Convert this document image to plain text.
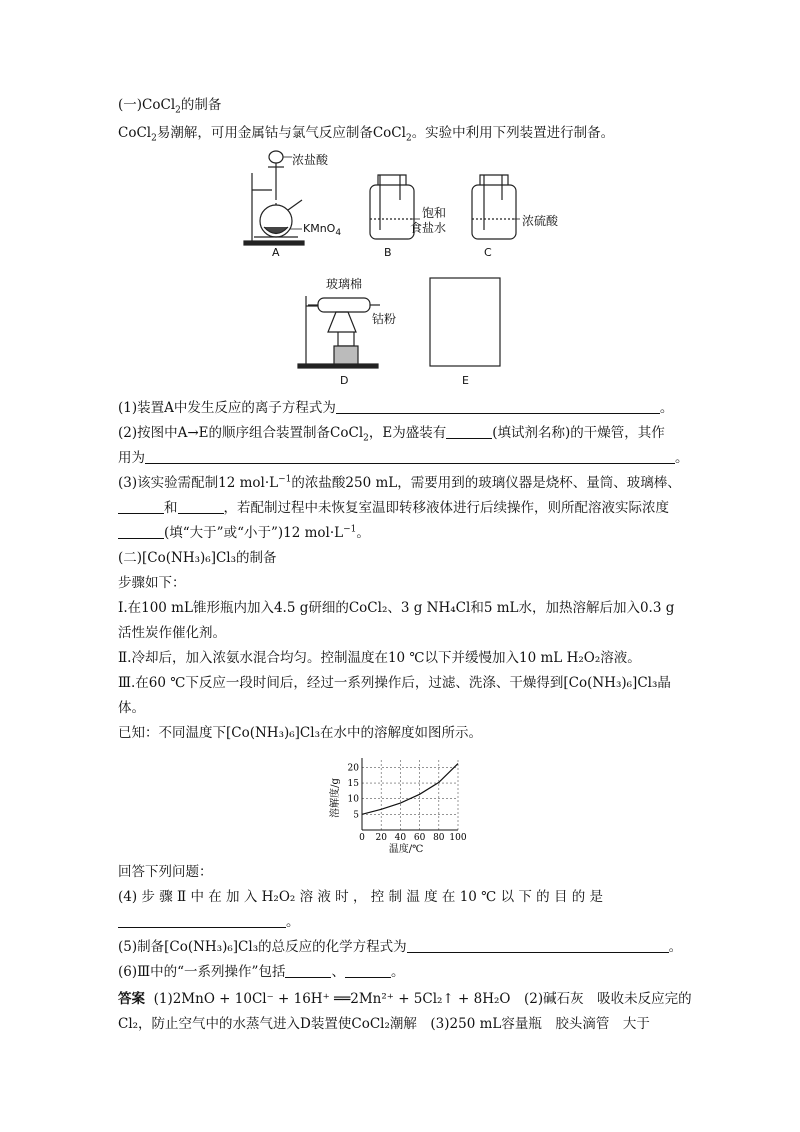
(一)CoCl$_2$的制备
CoCl$_2$易潮解，可用金属钴与氯气反应制备CoCl$_2$。实验中利用下列装置进行制备。
浓盐酸
KMnO$_4$
饱和
食盐水	浓硫酸
A	B	C
玻璃棉
钴粉
D	E
(1)装置A中发生反应的离子方程式为	。
(2)按图中A→E的顺序组合装置制备CoCl$_2$，E为盛装有	(填试剂名称)的干燥管，其作
用为	。
(3)该实验需配制12 $mol\cdot L^{-1}$的浓盐酸250 mL，需要用到的玻璃仪器是烧杯、量筒、玻璃棒、
和	，若配制过程中未恢复室温即转移液体进行后续操作，则所配溶液实际浓度
(填“大于”或“小于”)12 $mol\cdot L^{-1}$。
(二)[Co(NH₃)₆]Cl₃的制备
步骤如下：
Ⅰ.在100 mL锥形瓶内加入4.5 g研细的CoCl₂、3 g NH₄Cl和5 mL水，加热溶解后加入0.3 g
活性炭作催化剂。
Ⅱ.冷却后，加入浓氨水混合均匀。控制温度在10 ℃以下并缓慢加入10 mL H₂O₂溶液。
Ⅲ.在60 ℃下反应一段时间后，经过一系列操作后，过滤、洗涤、干燥得到[Co(NH₃)₆]Cl₃晶
体。
已知：不同温度下[Co(NH₃)₆]Cl₃在水中的溶解度如图所示。
5
10
15
20
0 20 40 60 80 100
溶解度/g
温度/℃
回答下列问题：
(4) 步 骤 Ⅱ 中 在 加 入 H₂O₂ 溶 液 时 ， 控 制 温 度 在 10 ℃ 以 下 的 目 的 是
。
(5)制备[Co(NH₃)₆]Cl₃的总反应的化学方程式为	。
(6)Ⅲ中的“一系列操作”包括	、	。
答案 (1)2MnO + 10Cl⁻ + 16H⁺ ══2Mn²⁺ + 5Cl₂↑ + 8H₂O　(2)碱石灰　吸收未反应完的
Cl₂，防止空气中的水蒸气进入D装置使CoCl₂潮解　(3)250 mL容量瓶　胶头滴管　大于
